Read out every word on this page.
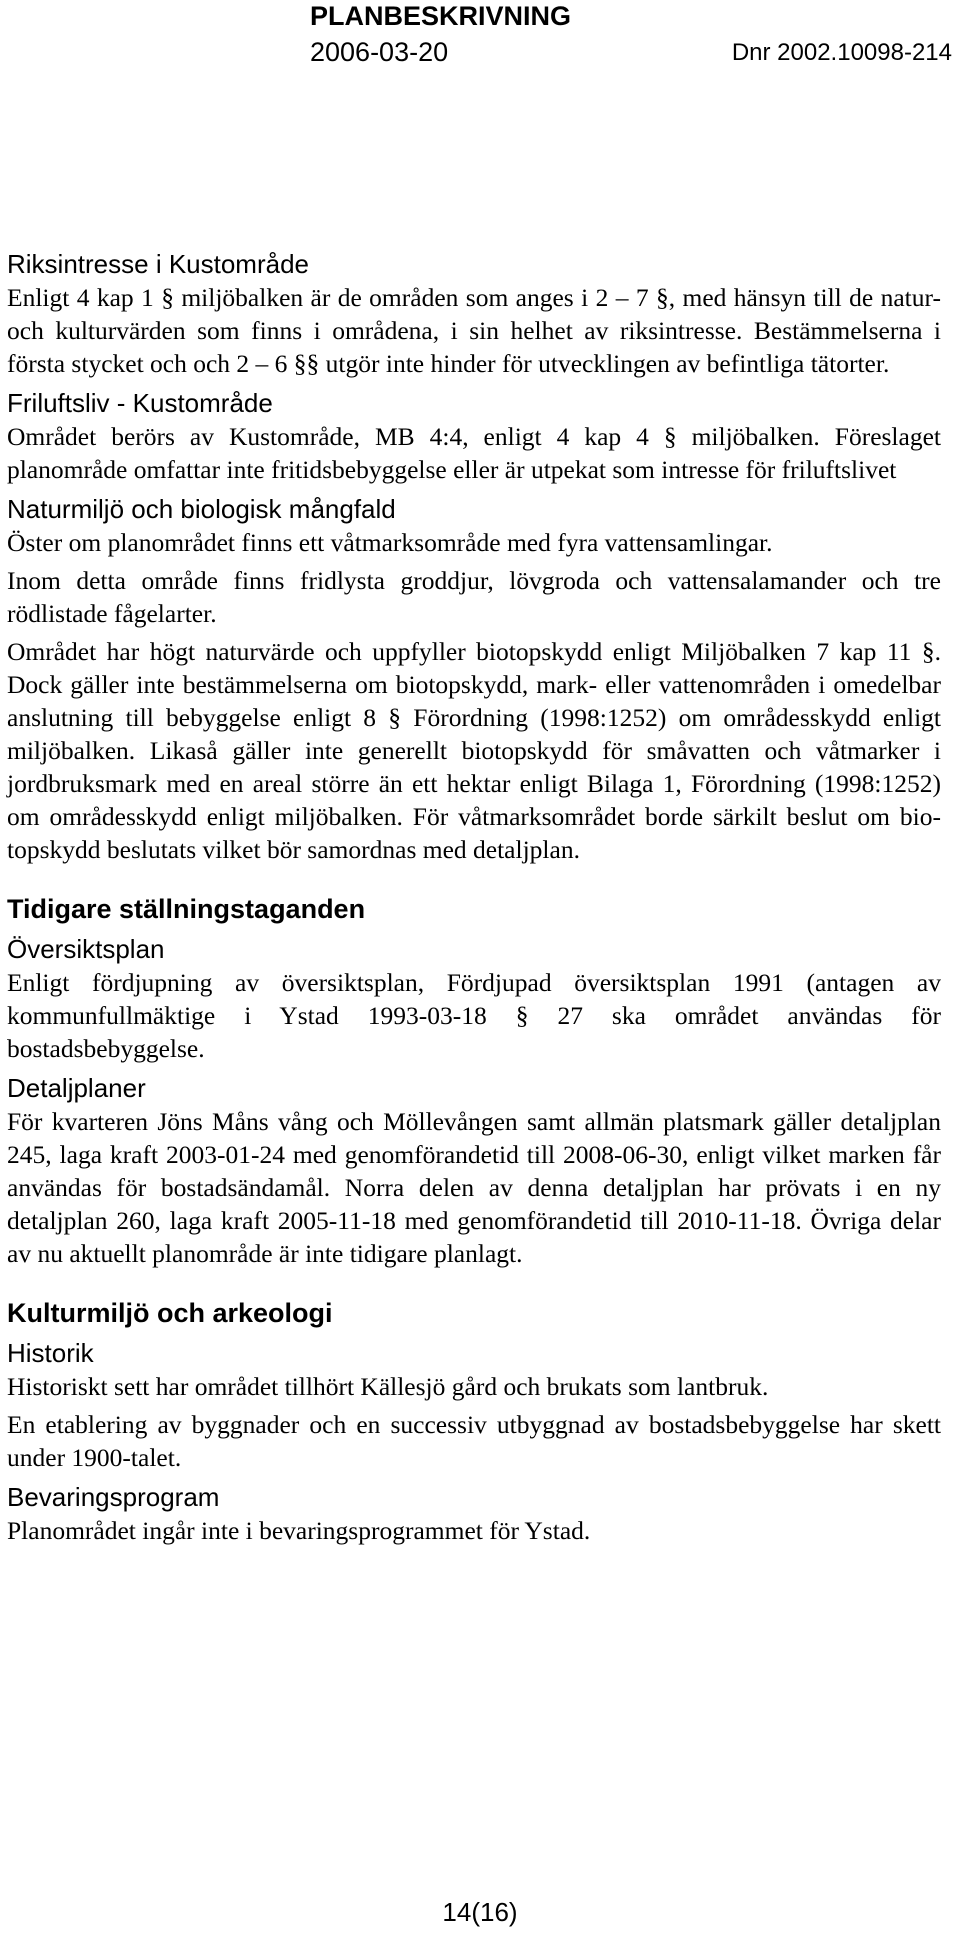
PLANBESKRIVNING
2006-03-20	Dnr 2002.10098-214
Riksintresse i Kustområde

Enligt 4 kap 1 § miljöbalken är de områden som anges i 2 – 7 §, med hänsyn till de natur- och kulturvärden som finns i områdena, i sin helhet av riksintresse. Bestämmelserna i första stycket och och 2 – 6 §§ utgör inte hinder för utvecklingen av befintliga tätorter.

Friluftsliv - Kustområde

Området berörs av Kustområde, MB 4:4, enligt 4 kap 4 § miljöbalken. Föreslaget planområde omfattar inte fritidsbebyggelse eller är utpekat som intresse för friluftslivet

Naturmiljö och biologisk mångfald

Öster om planområdet finns ett våtmarksområde med fyra vattensamlingar.

Inom detta område finns fridlysta groddjur, lövgroda och vattensalamander och tre rödlistade fågelarter.

Området har högt naturvärde och uppfyller biotopskydd enligt Miljöbalken 7 kap 11 §. Dock gäller inte bestämmelserna om biotopskydd, mark- eller vattenområden i omedelbar anslutning till bebyggelse enligt 8 § Förordning (1998:1252) om områdesskydd enligt miljöbalken. Likaså gäller inte generellt biotopskydd för småvatten och våtmarker i jordbruksmark med en areal större än ett hektar enligt Bilaga 1, Förordning (1998:1252) om områdesskydd enligt miljöbalken. För våtmarksområdet borde särkilt beslut om biotopskydd beslutats vilket bör samordnas med detaljplan.

Tidigare ställningstaganden
Översiktsplan

Enligt fördjupning av översiktsplan, Fördjupad översiktsplan 1991 (antagen av kommunfullmäktige i Ystad 1993-03-18 § 27 ska området användas för bostadsbebyggelse.

Detaljplaner

För kvarteren Jöns Måns vång och Möllevången samt allmän platsmark gäller detaljplan 245, laga kraft 2003-01-24 med genomförandetid till 2008-06-30, enligt vilket marken får användas för bostadsändamål. Norra delen av denna detaljplan har prövats i en ny detaljplan 260, laga kraft 2005-11-18 med genomförandetid till 2010-11-18. Övriga delar av nu aktuellt planområde är inte tidigare planlagt.

Kulturmiljö och arkeologi
Historik

Historiskt sett har området tillhört Källesjö gård och brukats som lantbruk.

En etablering av byggnader och en successiv utbyggnad av bostadsbebyggelse har skett under 1900-talet.

Bevaringsprogram

Planområdet ingår inte i bevaringsprogrammet för Ystad.

14(16)
